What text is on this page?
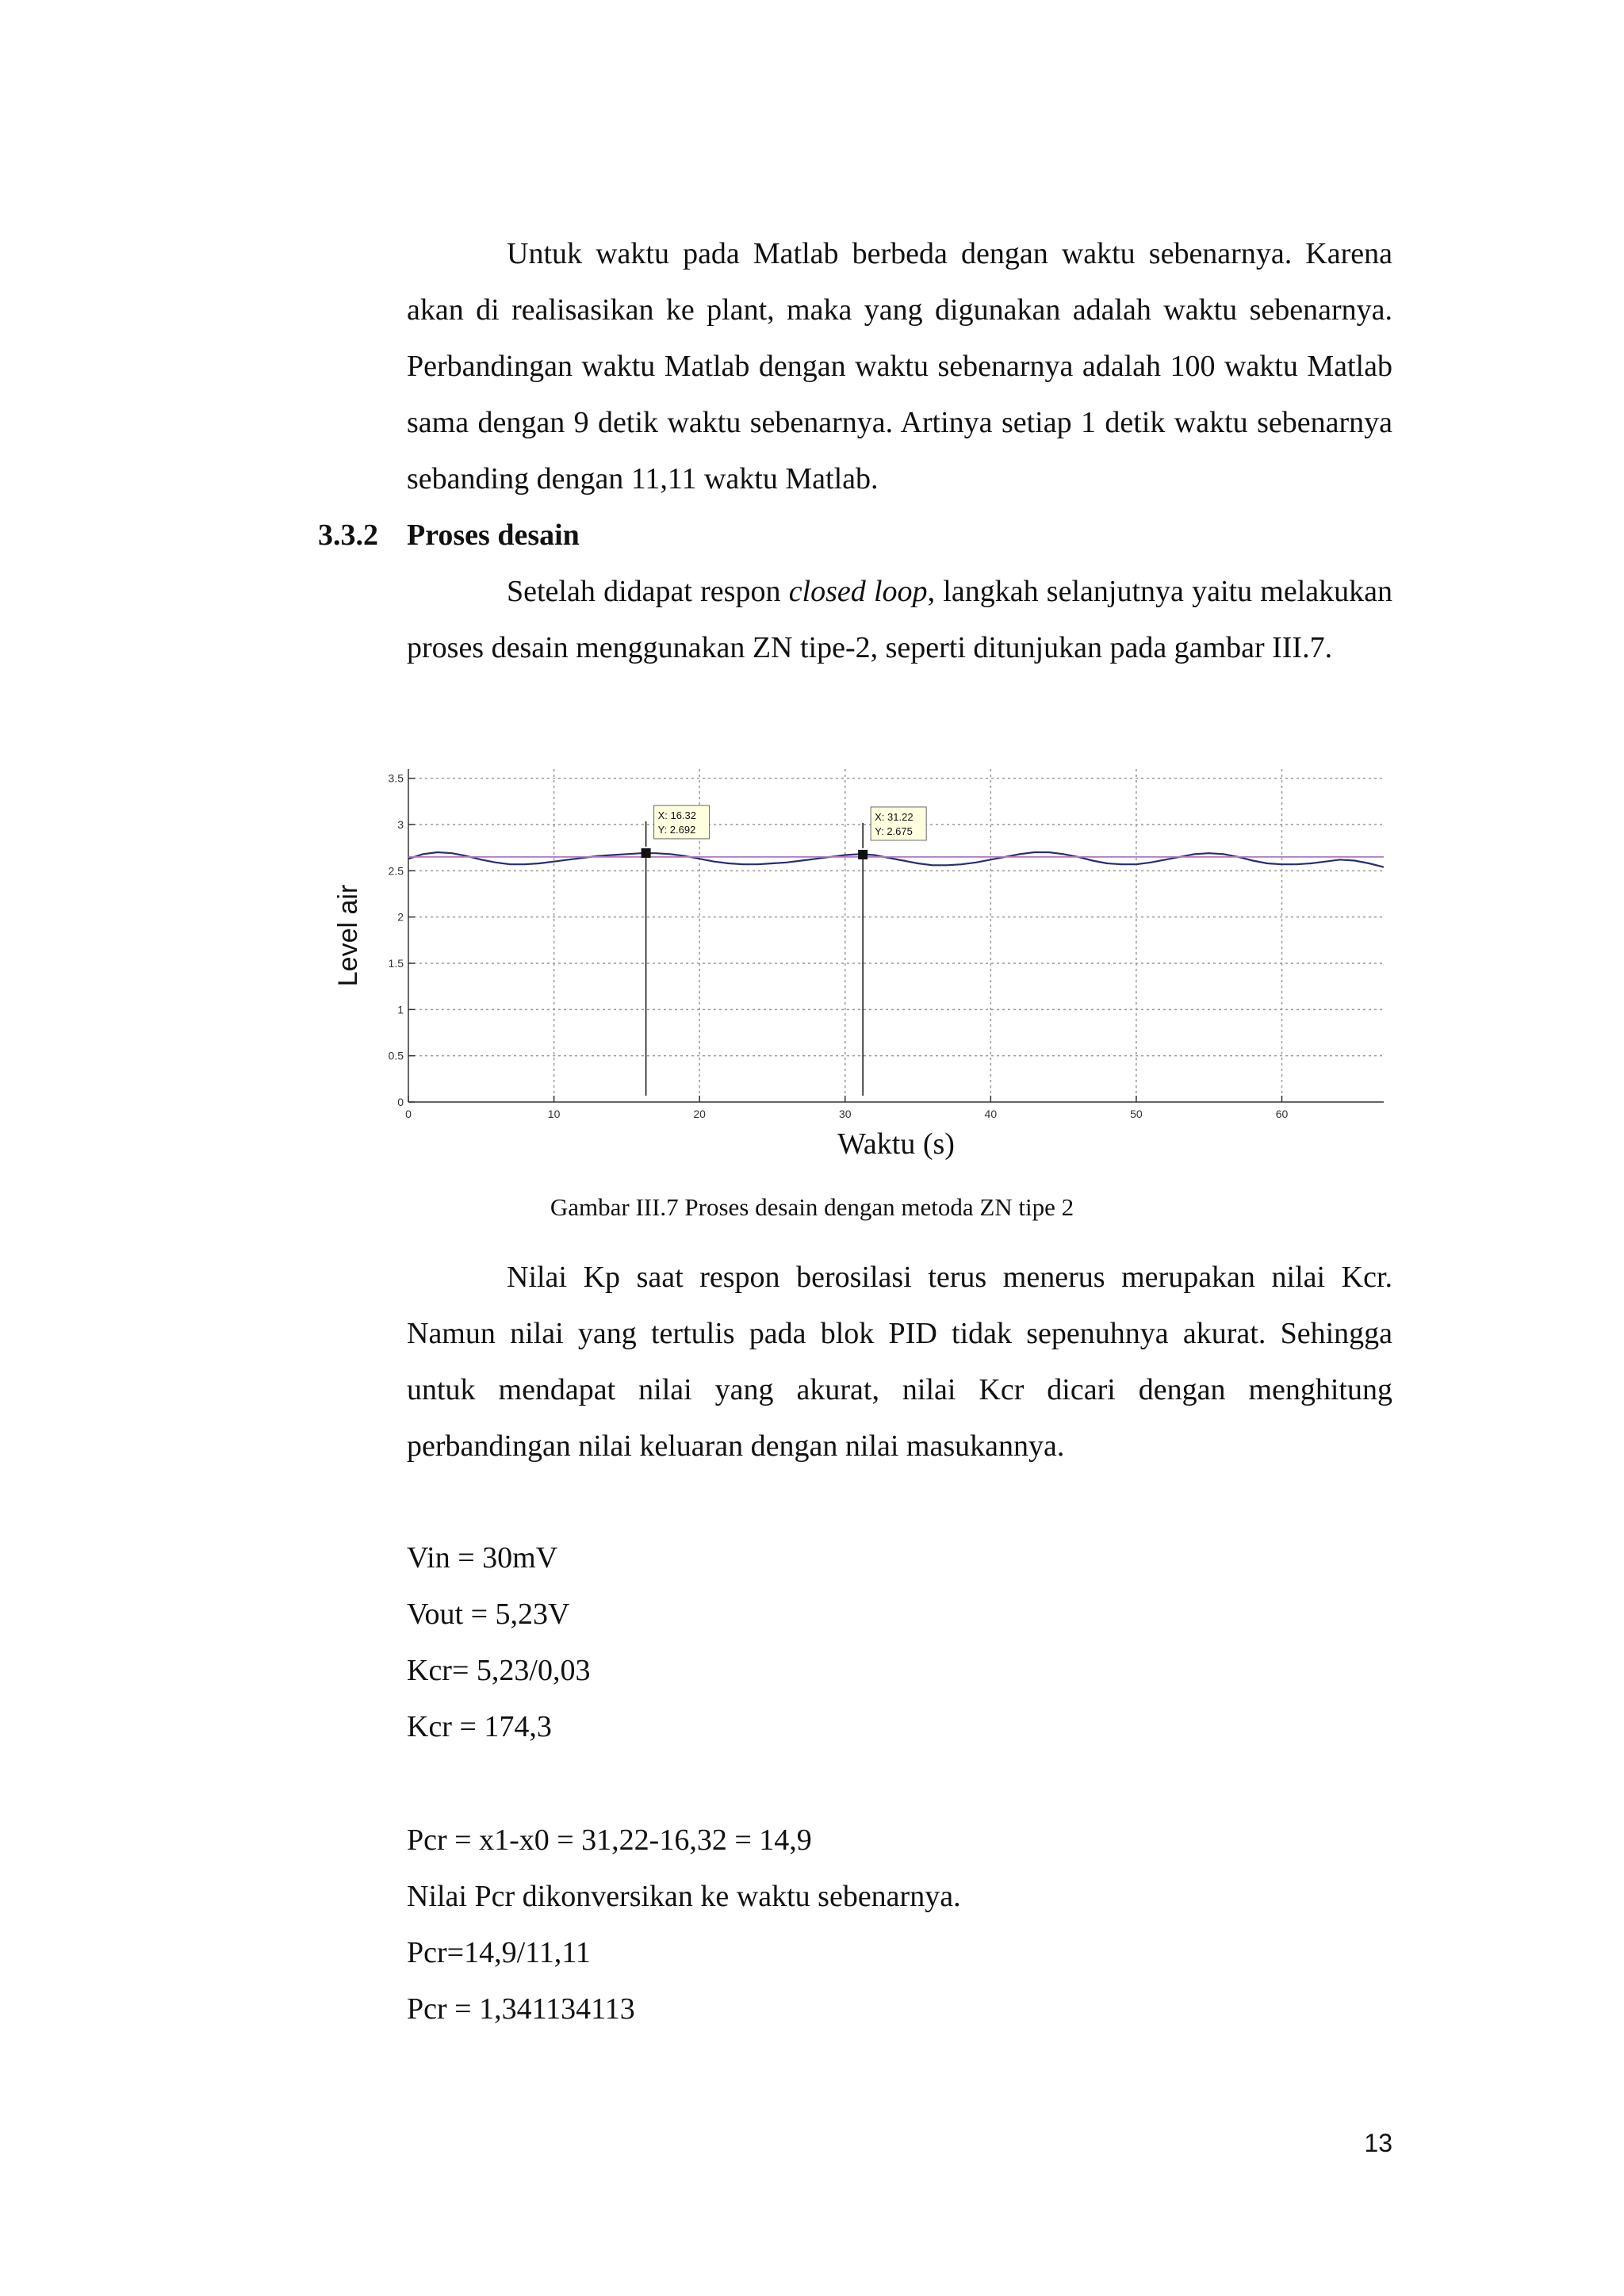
Untuk waktu pada Matlab berbeda dengan waktu sebenarnya. Karena akan di realisasikan ke plant, maka yang digunakan adalah waktu sebenarnya. Perbandingan waktu Matlab dengan waktu sebenarnya adalah 100 waktu Matlab sama dengan 9 detik waktu sebenarnya. Artinya setiap 1 detik waktu sebenarnya sebanding dengan 11,11 waktu Matlab.
3.3.2 Proses desain
Setelah didapat respon closed loop, langkah selanjutnya yaitu melakukan proses desain menggunakan ZN tipe-2, seperti ditunjukan pada gambar III.7.
0
0.5
1
1.5
2
2.5
3
3.5
0	10	20	30	40	50	60
X: 16.32
Y: 2.692
X: 31.22
Y: 2.675
Waktu (s)
Level air
Gambar III.7 Proses desain dengan metoda ZN tipe 2
Nilai Kp saat respon berosilasi terus menerus merupakan nilai Kcr. Namun nilai yang tertulis pada blok PID tidak sepenuhnya akurat. Sehingga untuk mendapat nilai yang akurat, nilai Kcr dicari dengan menghitung perbandingan nilai keluaran dengan nilai masukannya.
Vin = 30mV
Vout = 5,23V
Kcr= 5,23/0,03
Kcr = 174,3
Pcr = x1-x0 = 31,22-16,32 = 14,9
Nilai Pcr dikonversikan ke waktu sebenarnya.
Pcr=14,9/11,11
Pcr = 1,341134113
13
